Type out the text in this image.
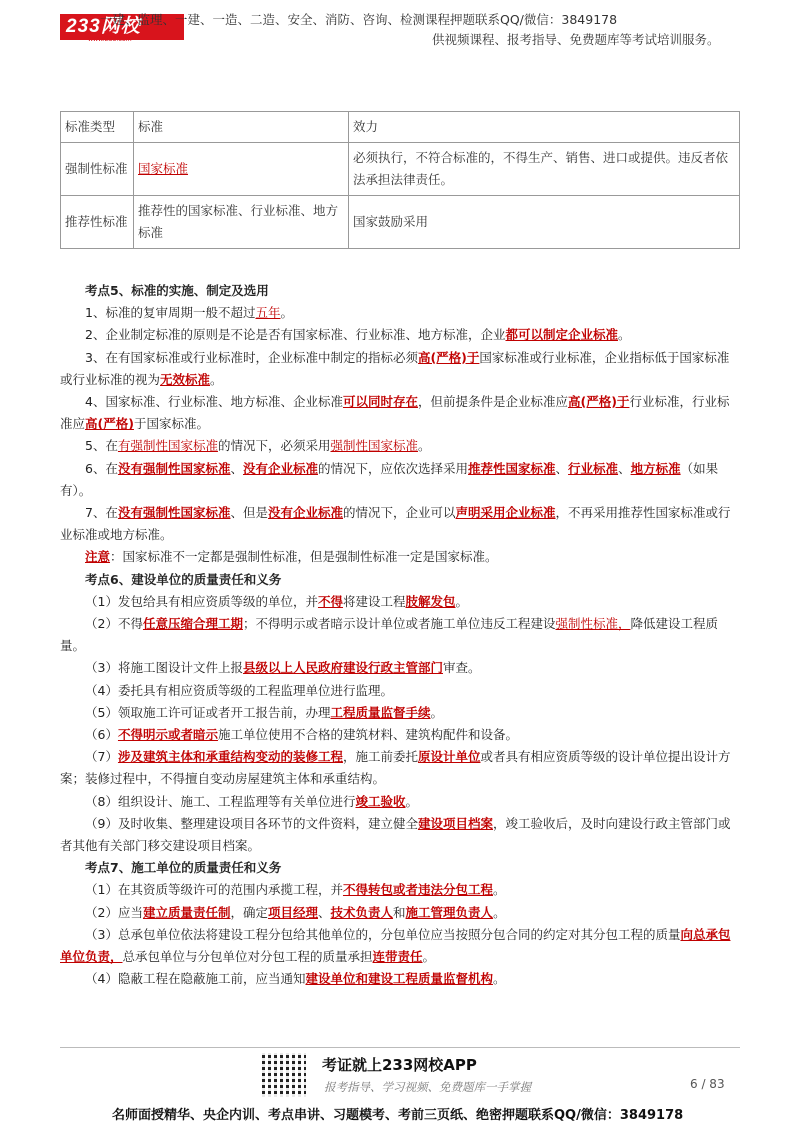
233网校
www.233.com
一建、监理、一建、一造、二造、安全、消防、咨询、检测课程押题联系QQ/微信：3849178
供视频课程、报考指导、免费题库等考试培训服务。
标准类型	标准	效力
强制性标准	国家标准	必须执行，不符合标准的，不得生产、销售、进口或提供。违反者依法承担法律责任。
推荐性标准	推荐性的国家标准、行业标准、地方标准	国家鼓励采用

考点5、标准的实施、制定及选用

1、标准的复审周期一般不超过五年。

2、企业制定标准的原则是不论是否有国家标准、行业标准、地方标准，企业都可以制定企业标准。

3、在有国家标准或行业标准时，企业标准中制定的指标必须高(严格)于国家标准或行业标准，企业指标低于国家标准或行业标准的视为无效标准。

4、国家标准、行业标准、地方标准、企业标准可以同时存在，但前提条件是企业标准应高(严格)于行业标准，行业标准应高(严格)于国家标准。

5、在有强制性国家标准的情况下，必须采用强制性国家标准。

6、在没有强制性国家标准、没有企业标准的情况下，应依次选择采用推荐性国家标准、行业标准、地方标准（如果有）。

7、在没有强制性国家标准、但是没有企业标准的情况下，企业可以声明采用企业标准，不再采用推荐性国家标准或行业标准或地方标准。

注意：国家标准不一定都是强制性标准，但是强制性标准一定是国家标准。

考点6、建设单位的质量责任和义务

（1）发包给具有相应资质等级的单位，并不得将建设工程肢解发包。

（2）不得任意压缩合理工期；不得明示或者暗示设计单位或者施工单位违反工程建设强制性标准，降低建设工程质量。

（3）将施工图设计文件上报县级以上人民政府建设行政主管部门审查。

（4）委托具有相应资质等级的工程监理单位进行监理。

（5）领取施工许可证或者开工报告前，办理工程质量监督手续。

（6）不得明示或者暗示施工单位使用不合格的建筑材料、建筑构配件和设备。

（7）涉及建筑主体和承重结构变动的装修工程，施工前委托原设计单位或者具有相应资质等级的设计单位提出设计方案；装修过程中，不得擅自变动房屋建筑主体和承重结构。

（8）组织设计、施工、工程监理等有关单位进行竣工验收。

（9）及时收集、整理建设项目各环节的文件资料，建立健全建设项目档案，竣工验收后，及时向建设行政主管部门或者其他有关部门移交建设项目档案。

考点7、施工单位的质量责任和义务

（1）在其资质等级许可的范围内承揽工程，并不得转包或者违法分包工程。

（2）应当建立质量责任制，确定项目经理、技术负责人和施工管理负责人。

（3）总承包单位依法将建设工程分包给其他单位的，分包单位应当按照分包合同的约定对其分包工程的质量向总承包单位负责，总承包单位与分包单位对分包工程的质量承担连带责任。

（4）隐蔽工程在隐蔽施工前，应当通知建设单位和建设工程质量监督机构。

考证就上233网校APP
报考指导、学习视频、免费题库一手掌握	6 / 83
名师面授精华、央企内训、考点串讲、习题模考、考前三页纸、绝密押题联系QQ/微信：3849178
